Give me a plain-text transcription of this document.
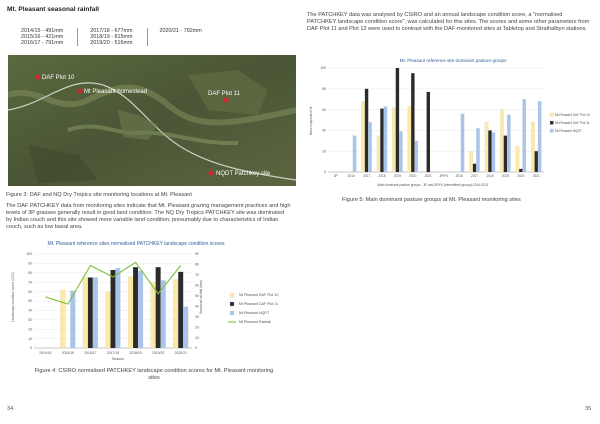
Mt. Pleasant seasonal rainfall
2014/15 - 491mm	2017/18 - 677mm	2020/21 - 792mm
2015/16 - 421mm	2018/19 - 815mm	
2016/17 - 791mm	2019/20 - 516mm	
DAF Plot 10
Mt Pleasant homestead	DAF Plot 11
NQDT Patchkey site
Figure 3: DAF and NQ Dry Tropics site monitoring locations at Mt. Pleasant
The DAF PATCHKEY data from monitoring sites indicate that Mt. Pleasant grazing management practices and high levels of 3P grasses generally result in good land condition. The NQ Dry Tropics PATCHKEY site was dominated by Indian couch and this site showed more variable land condition, presumably due to characteristics of Indian couch, such as low basal area.
The PATCHKEY data was analysed by CSIRO and an annual landscape condition score, a "normalised PATCHKEY landscape condition score", was calculated for this sites. The scores and some other parameters from DAF Plot 11 and Plot 12 were used to contrast with the DAF-monitored sites at Tabletop and Strathalbyn stations.
Mt. Pleasant reference site dominant pasture groups
Main composition %
Main dominant pasture groups - 3P and 3P/P4 (intermittent groups) 2016-2021
0
20
40
60
80
100
3P	2016	2017	2018	2019	2020	2021 3P/P4 2016	2017	2018	2019	2020	2021
Mt Pleasant DAF Plot 10
Mt Pleasant DAF Plot 11
Mt Pleasant NQDT
Figure 5: Main dominant pasture groups at Mt. Pleasant monitoring sites
Mt. Pleasant reference sites normalised PATCHKEY landscape condition scores
Landscape condition score (/100)	Seasonal rainfall (mm)
Season
0
10
20
30
40
50
60
70
80
90
100
0
10
20
30
40
50
60
70
80
90
2014/15	2015/16	2016/17	2017/18	2018/19	2019/20	2020/21
Mt Pleasant DAF Plot 10
Mt Pleasant DAF Plot 11
Mt Pleasant NQDT
Mt Pleasant Rainfall
Figure 4: CSIRO normalised PATCHKEY landscape condition scores for Mt. Pleasant monitoring sites
34	35
